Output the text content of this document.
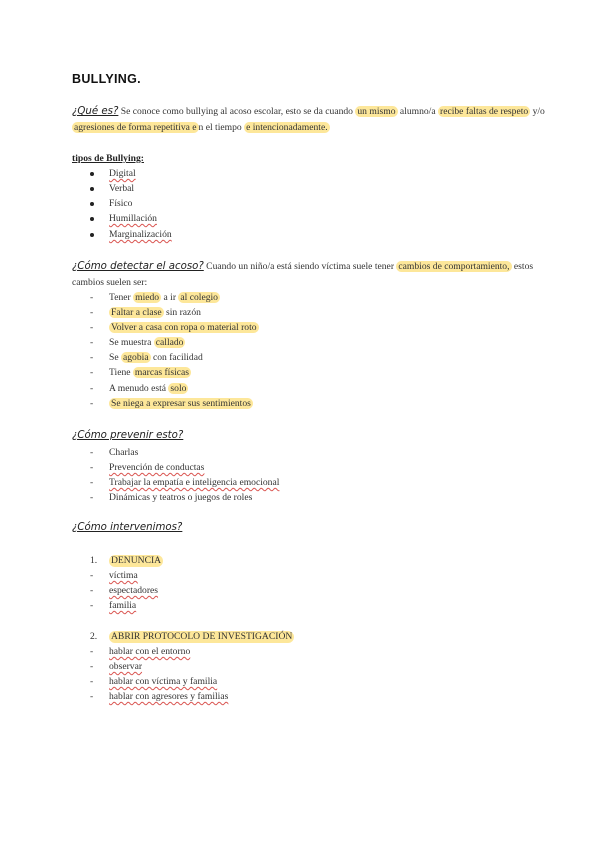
BULLYING.
¿Qué es? Se conoce como bullying al acoso escolar, esto se da cuando un mismo alumno/a recibe faltas de respeto y/o
agresiones de forma repetitiva e n el tiempo e intencionadamente.
tipos de Bullying:
Digital
Verbal
Físico
Humillación
Marginalización
¿Cómo detectar el acoso? Cuando un niño/a está siendo víctima suele tener cambios de comportamiento, estos
cambios suelen ser:
-	Tener miedo a ir al colegio
-	Faltar a clase sin razón
-	Volver a casa con ropa o material roto
-	Se muestra callado
-	Se agobia con facilidad
-	Tiene marcas físicas
-	A menudo está solo
-	Se niega a expresar sus sentimientos
¿Cómo prevenir esto?
-	Charlas
-	Prevención de conductas
-	Trabajar la empatía e inteligencia emocional
-	Dinámicas y teatros o juegos de roles
¿Cómo intervenimos?
1.	DENUNCIA
-	víctima
-	espectadores
-	familia
2.	ABRIR PROTOCOLO DE INVESTIGACIÓN
-	hablar con el entorno
-	observar
-	hablar con víctima y familia
-	hablar con agresores y familias
